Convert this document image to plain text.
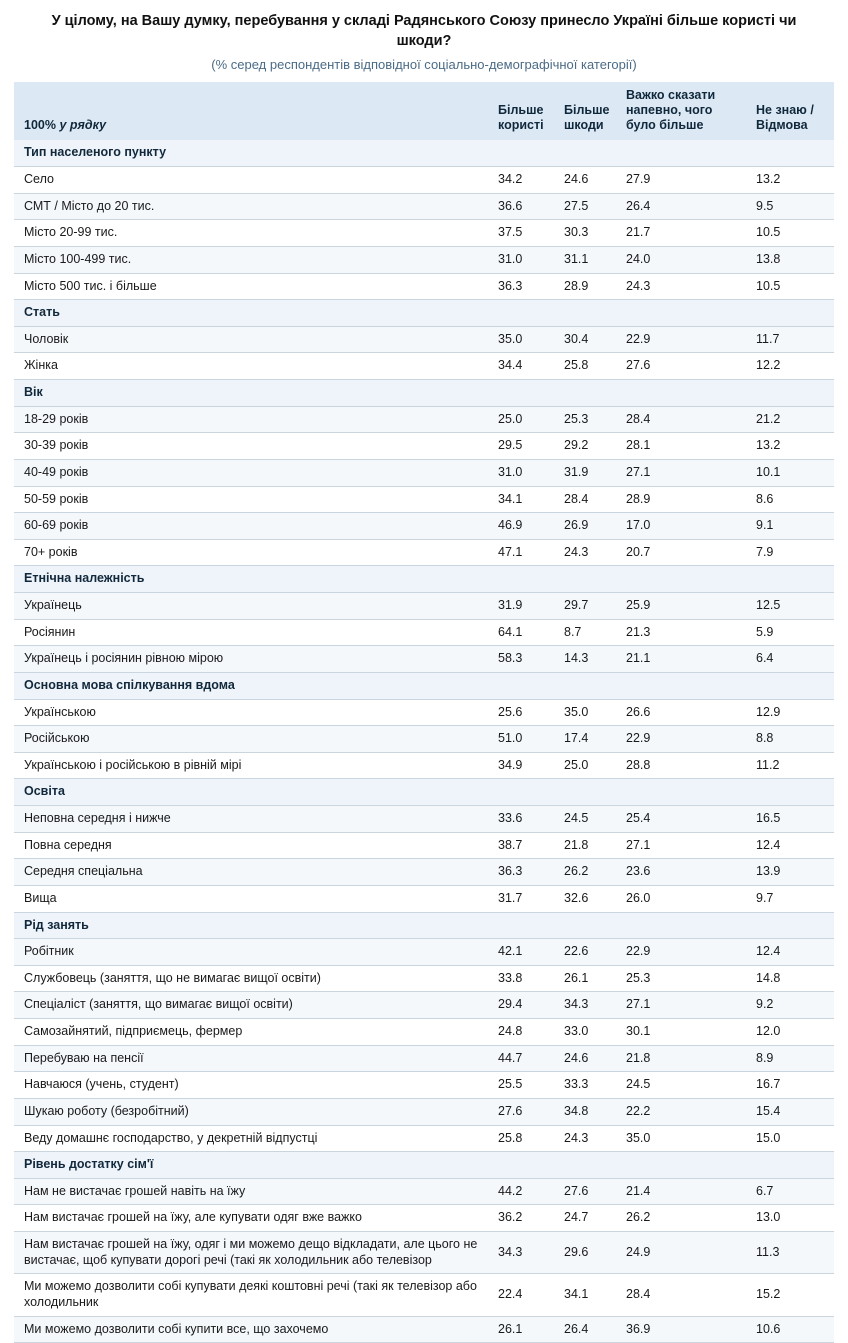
У цілому, на Вашу думку, перебування у складі Радянського Союзу принесло Україні більше користі чи шкоди?
(% серед респондентів відповідної соціально-демографічної категорії)
100% у рядку	Більше користі	Більше шкоди	Важко сказати напевно, чого було більше	Не знаю / Відмова
Тип населеного пункту				
Село	34.2	24.6	27.9	13.2
СМТ / Місто до 20 тис.	36.6	27.5	26.4	9.5
Місто 20-99 тис.	37.5	30.3	21.7	10.5
Місто 100-499 тис.	31.0	31.1	24.0	13.8
Місто 500 тис. і більше	36.3	28.9	24.3	10.5
Стать				
Чоловік	35.0	30.4	22.9	11.7
Жінка	34.4	25.8	27.6	12.2
Вік				
18-29 років	25.0	25.3	28.4	21.2
30-39 років	29.5	29.2	28.1	13.2
40-49 років	31.0	31.9	27.1	10.1
50-59 років	34.1	28.4	28.9	8.6
60-69 років	46.9	26.9	17.0	9.1
70+ років	47.1	24.3	20.7	7.9
Етнічна належність				
Українець	31.9	29.7	25.9	12.5
Росіянин	64.1	8.7	21.3	5.9
Українець і росіянин рівною мірою	58.3	14.3	21.1	6.4
Основна мова спілкування вдома				
Українською	25.6	35.0	26.6	12.9
Російською	51.0	17.4	22.9	8.8
Українською і російською в рівній мірі	34.9	25.0	28.8	11.2
Освіта				
Неповна середня і нижче	33.6	24.5	25.4	16.5
Повна середня	38.7	21.8	27.1	12.4
Середня спеціальна	36.3	26.2	23.6	13.9
Вища	31.7	32.6	26.0	9.7
Рід занять				
Робітник	42.1	22.6	22.9	12.4
Службовець (заняття, що не вимагає вищої освіти)	33.8	26.1	25.3	14.8
Спеціаліст (заняття, що вимагає вищої освіти)	29.4	34.3	27.1	9.2
Самозайнятий, підприємець, фермер	24.8	33.0	30.1	12.0
Перебуваю на пенсії	44.7	24.6	21.8	8.9
Навчаюся (учень, студент)	25.5	33.3	24.5	16.7
Шукаю роботу (безробітний)	27.6	34.8	22.2	15.4
Веду домашнє господарство, у декретній відпустці	25.8	24.3	35.0	15.0
Рівень достатку сім'ї				
Нам не вистачає грошей навіть на їжу	44.2	27.6	21.4	6.7
Нам вистачає грошей на їжу, але купувати одяг вже важко	36.2	24.7	26.2	13.0
Нам вистачає грошей на їжу, одяг і ми можемо дещо відкладати, але цього не вистачає, щоб купувати дорогі речі (такі як холодильник або телевізор	34.3	29.6	24.9	11.3
Ми можемо дозволити собі купувати деякі коштовні речі (такі як телевізор або холодильник	22.4	34.1	28.4	15.2
Ми можемо дозволити собі купити все, що захочемо	26.1	26.4	36.9	10.6
